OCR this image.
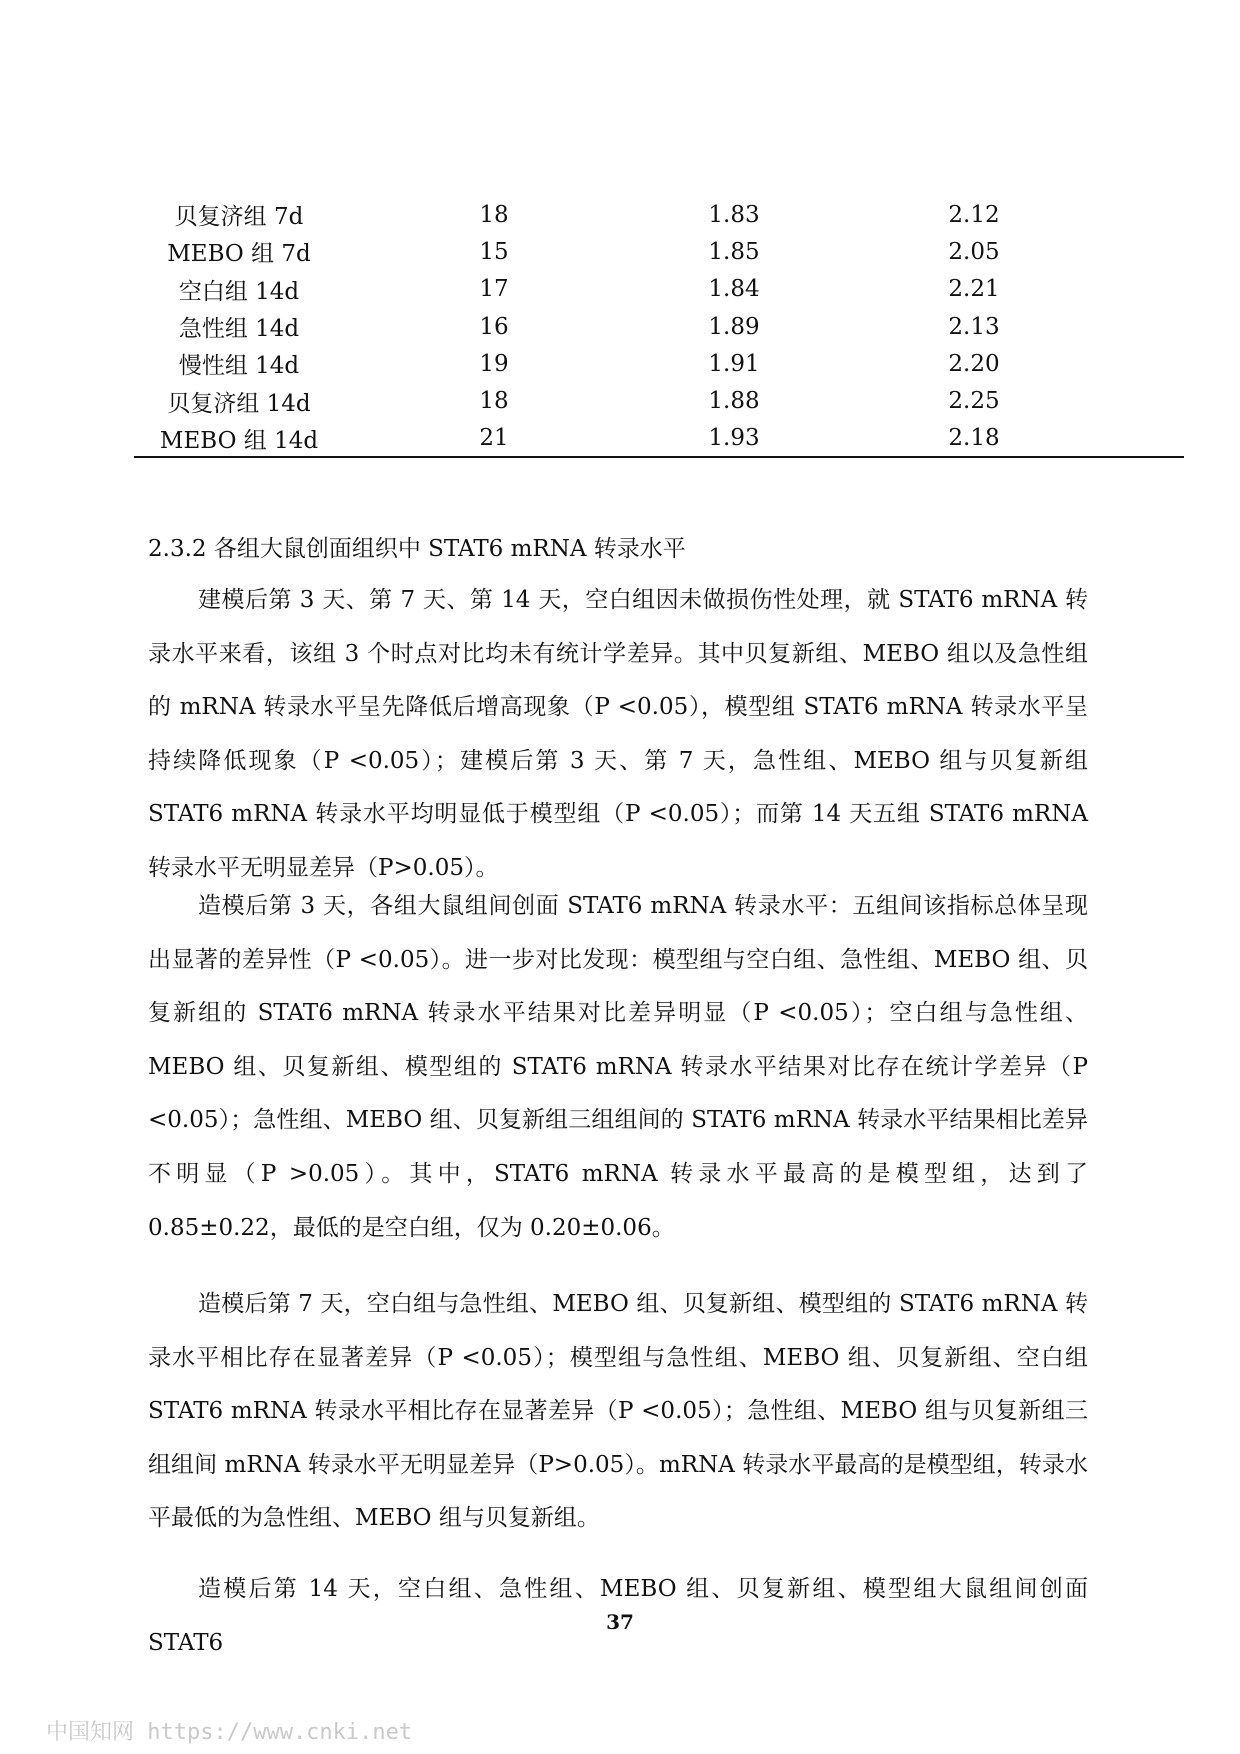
贝复济组 7d	18	1.83	2.12
MEBO 组 7d	15	1.85	2.05
空白组 14d	17	1.84	2.21
急性组 14d	16	1.89	2.13
慢性组 14d	19	1.91	2.20
贝复济组 14d	18	1.88	2.25
MEBO 组 14d	21	1.93	2.18
2.3.2 各组大鼠创面组织中 STAT6 mRNA 转录水平
建模后第 3 天、第 7 天、第 14 天，空白组因未做损伤性处理，就 STAT6 mRNA 转录水平来看，该组 3 个时点对比均未有统计学差异。其中贝复新组、MEBO 组以及急性组的 mRNA 转录水平呈先降低后增高现象（P <0.05），模型组 STAT6 mRNA 转录水平呈持续降低现象（P <0.05）；建模后第 3 天、第 7 天，急性组、MEBO 组与贝复新组 STAT6 mRNA 转录水平均明显低于模型组（P <0.05）；而第 14 天五组 STAT6 mRNA 转录水平无明显差异（P>0.05）。
造模后第 3 天，各组大鼠组间创面 STAT6 mRNA 转录水平：五组间该指标总体呈现出显著的差异性（P <0.05）。进一步对比发现：模型组与空白组、急性组、MEBO 组、贝复新组的 STAT6 mRNA 转录水平结果对比差异明显（P <0.05）；空白组与急性组、MEBO 组、贝复新组、模型组的 STAT6 mRNA 转录水平结果对比存在统计学差异（P <0.05）；急性组、MEBO 组、贝复新组三组组间的 STAT6 mRNA 转录水平结果相比差异不明显（P >0.05）。其中，STAT6 mRNA 转录水平最高的是模型组，达到了 0.85±0.22，最低的是空白组，仅为 0.20±0.06。
造模后第 7 天，空白组与急性组、MEBO 组、贝复新组、模型组的 STAT6 mRNA 转录水平相比存在显著差异（P <0.05）；模型组与急性组、MEBO 组、贝复新组、空白组 STAT6 mRNA 转录水平相比存在显著差异（P <0.05）；急性组、MEBO 组与贝复新组三组组间 mRNA 转录水平无明显差异（P>0.05）。mRNA 转录水平最高的是模型组，转录水平最低的为急性组、MEBO 组与贝复新组。
造模后第 14 天，空白组、急性组、MEBO 组、贝复新组、模型组大鼠组间创面 STAT6
37
中国知网 https://www.cnki.net
